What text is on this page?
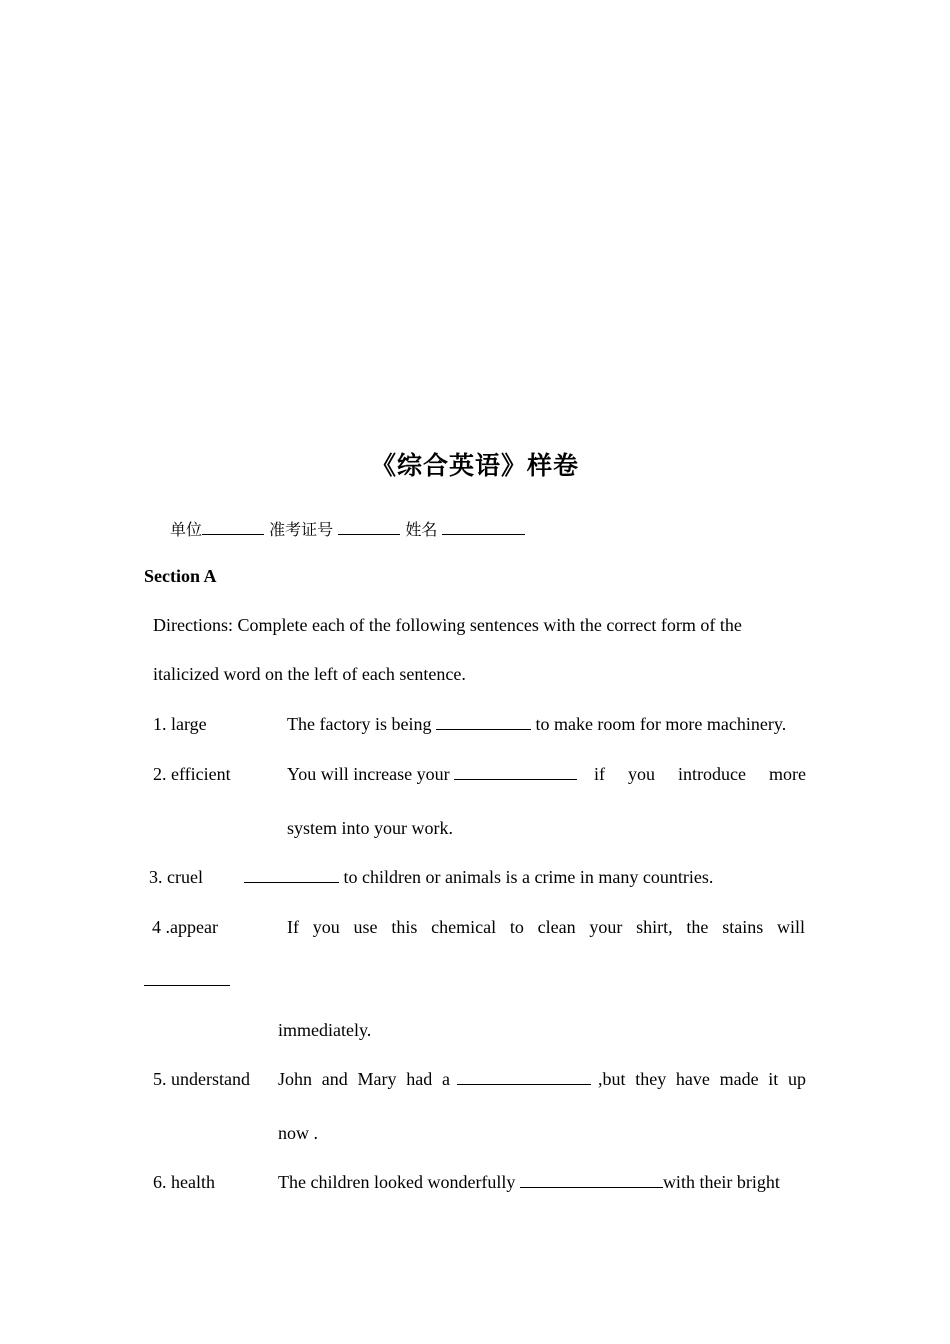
《综合英语》样卷
单位	准考证号	姓名
Section A
Directions: Complete each of the following sentences with the correct form of the
italicized word on the left of each sentence.
1. large	The factory is being	to make room for more machinery.
2. efficient	You will increase your	if you introduce more
system into your work.
3. cruel	to children or animals is a crime in many countries.
4 .appear	If you use this chemical to clean your shirt, the stains will
immediately.
5. understand John and Mary had a	,but they have made it up
now .
6. health	The children looked wonderfully	with their bright
